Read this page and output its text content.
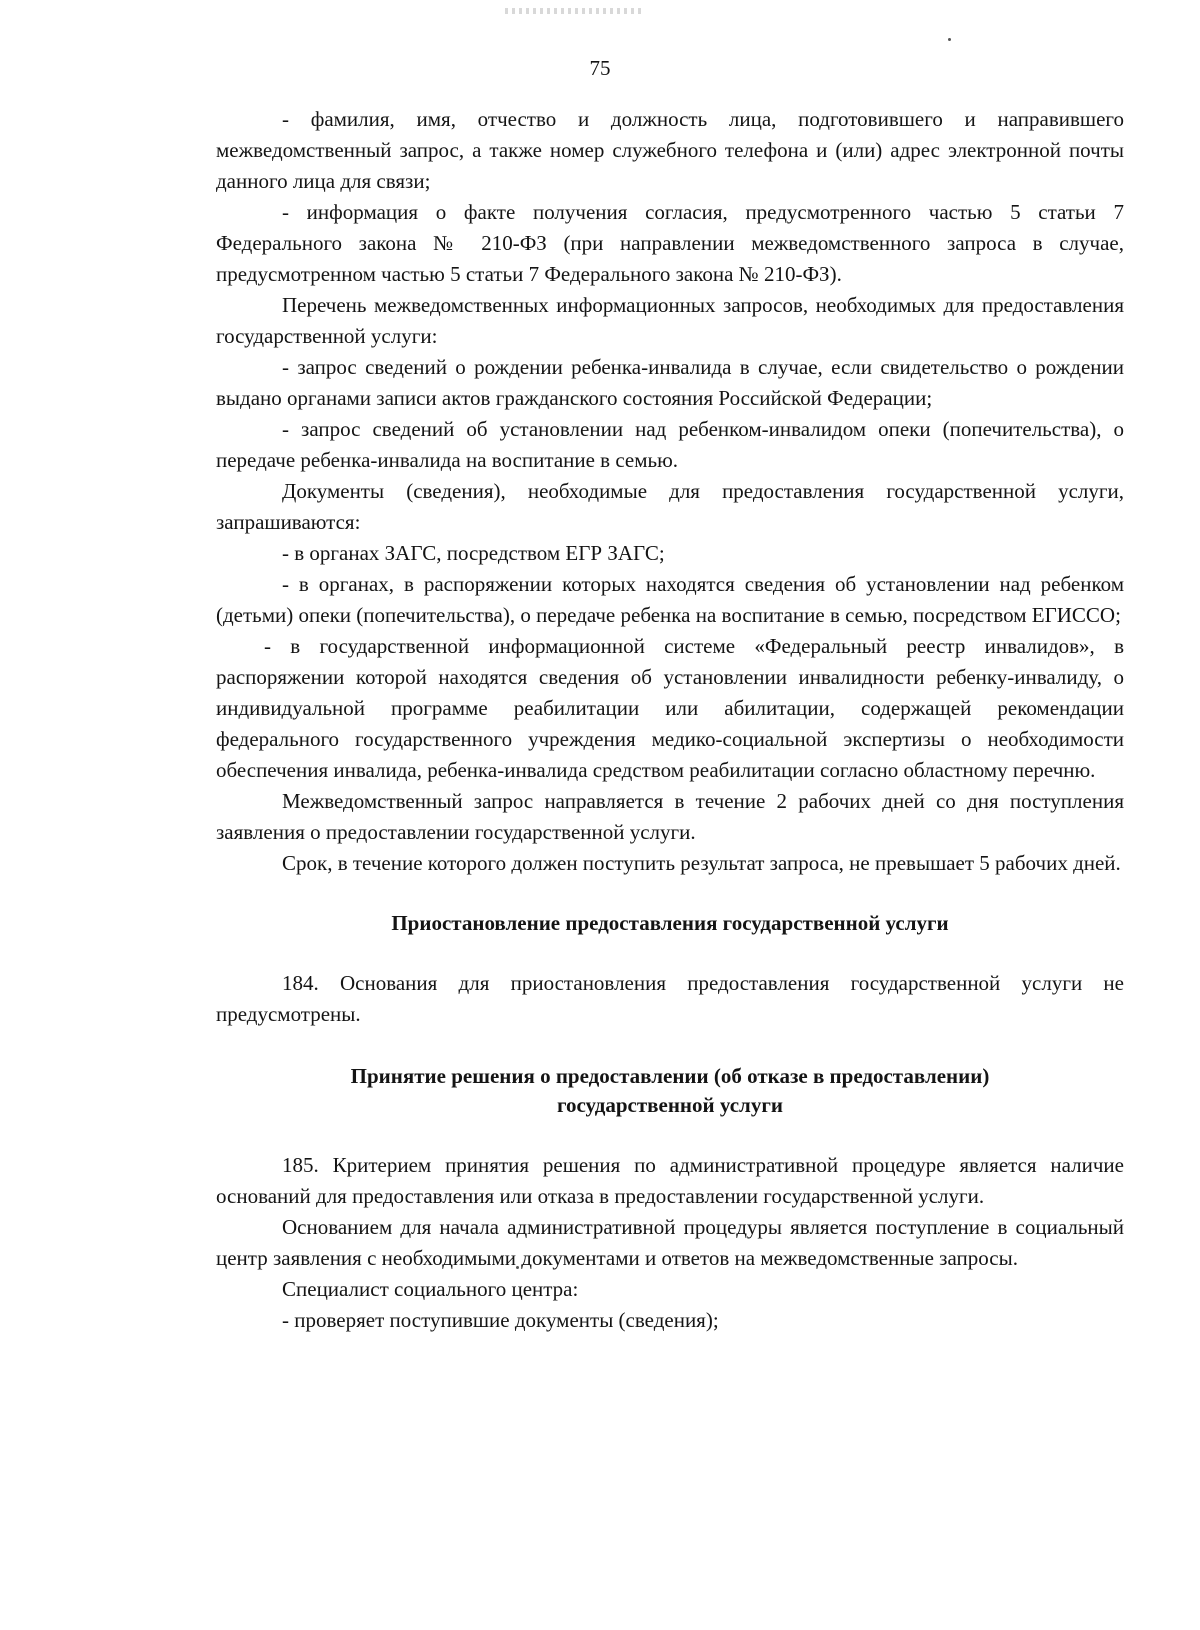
75

- фамилия, имя, отчество и должность лица, подготовившего и направившего межведомственный запрос, а также номер служебного телефона и (или) адрес электронной почты данного лица для связи;

- информация о факте получения согласия, предусмотренного частью 5 статьи 7 Федерального закона № 210-ФЗ (при направлении межведомственного запроса в случае, предусмотренном частью 5 статьи 7 Федерального закона № 210-ФЗ).

Перечень межведомственных информационных запросов, необходимых для предоставления государственной услуги:

- запрос сведений о рождении ребенка-инвалида в случае, если свидетельство о рождении выдано органами записи актов гражданского состояния Российской Федерации;

- запрос сведений об установлении над ребенком-инвалидом опеки (попечительства), о передаче ребенка-инвалида на воспитание в семью.

Документы (сведения), необходимые для предоставления государственной услуги, запрашиваются:

- в органах ЗАГС, посредством ЕГР ЗАГС;

- в органах, в распоряжении которых находятся сведения об установлении над ребенком (детьми) опеки (попечительства), о передаче ребенка на воспитание в семью, посредством ЕГИССО;

- в государственной информационной системе «Федеральный реестр инвалидов», в распоряжении которой находятся сведения об установлении инвалидности ребенку-инвалиду, о индивидуальной программе реабилитации или абилитации, содержащей рекомендации федерального государственного учреждения медико-социальной экспертизы о необходимости обеспечения инвалида, ребенка-инвалида средством реабилитации согласно областному перечню.

Межведомственный запрос направляется в течение 2 рабочих дней со дня поступления заявления о предоставлении государственной услуги.

Срок, в течение которого должен поступить результат запроса, не превышает 5 рабочих дней.

Приостановление предоставления государственной услуги

184. Основания для приостановления предоставления государственной услуги не предусмотрены.

Принятие решения о предоставлении (об отказе в предоставлении)
государственной услуги

185. Критерием принятия решения по административной процедуре является наличие оснований для предоставления или отказа в предоставлении государственной услуги.

Основанием для начала административной процедуры является поступление в социальный центр заявления с необходимыми документами и ответов на межведомственные запросы.

Специалист социального центра:

- проверяет поступившие документы (сведения);
